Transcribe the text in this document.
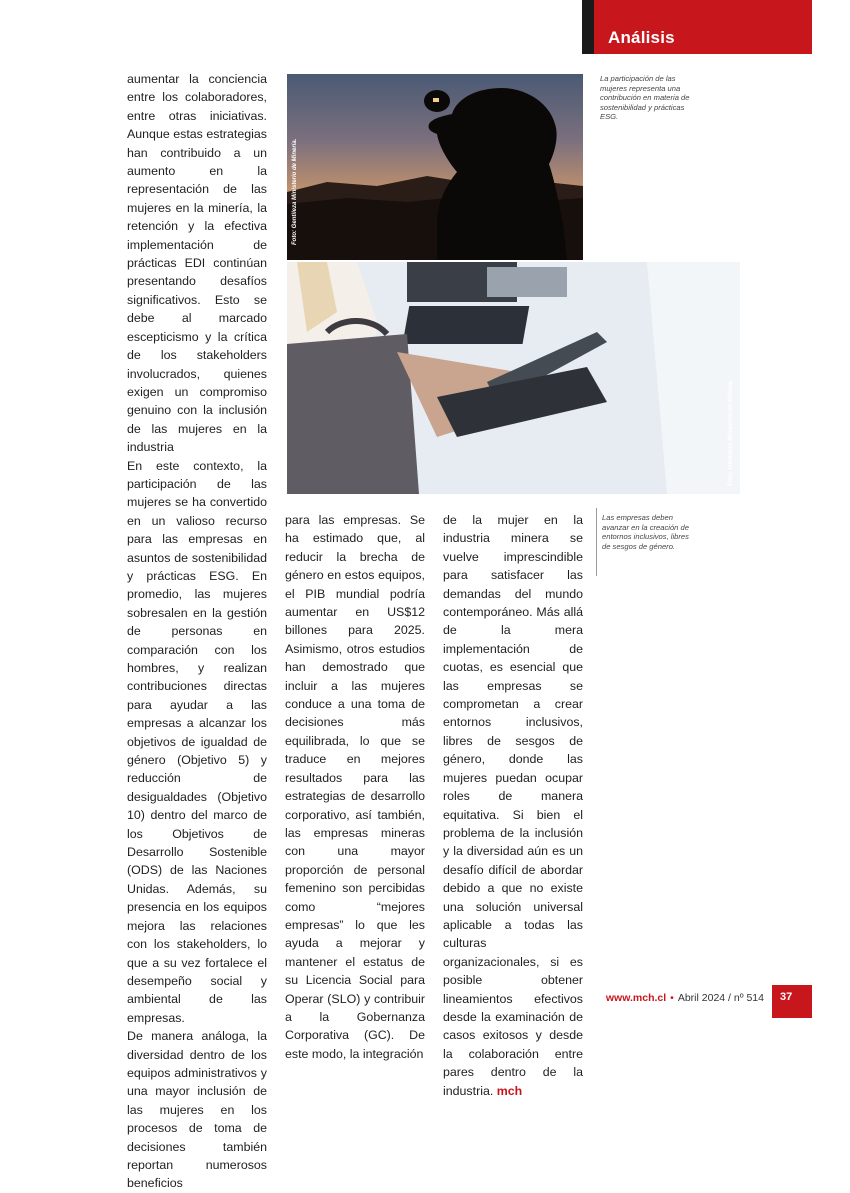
Análisis

aumentar la conciencia entre los colaboradores, entre otras iniciativas. Aunque estas estrategias han contribuido a un aumento en la representación de las mujeres en la minería, la retención y la efectiva implementación de prácticas EDI continúan presentando desafíos significativos. Esto se debe al marcado escepticismo y la crítica de los stakeholders involucrados, quienes exigen un compromiso genuino con la inclusión de las mujeres en la industria

En este contexto, la participación de las mujeres se ha convertido en un valioso recurso para las empresas en asuntos de sostenibilidad y prácticas ESG. En promedio, las mujeres sobresalen en la gestión de personas en comparación con los hombres, y realizan contribuciones directas para ayudar a las empresas a alcanzar los objetivos de igualdad de género (Objetivo 5) y reducción de desigualdades (Objetivo 10) dentro del marco de los Objetivos de Desarrollo Sostenible (ODS) de las Naciones Unidas. Además, su presencia en los equipos mejora las relaciones con los stakeholders, lo que a su vez fortalece el desempeño social y ambiental de las empresas.

De manera análoga, la diversidad dentro de los equipos administrativos y una mayor inclusión de las mujeres en los procesos de toma de decisiones también reportan numerosos beneficios

Foto: Gentileza Ministerio de Minería.
La participación de las mujeres representa una contribución en materia de sostenibilidad y prácticas ESG.
Foto: Gentileza Ministerio de Minería.
Las empresas deben avanzar en la creación de entornos inclusivos, libres de sesgos de género.

para las empresas. Se ha estimado que, al reducir la brecha de género en estos equipos, el PIB mundial podría aumentar en US$12 billones para 2025. Asimismo, otros estudios han demostrado que incluir a las mujeres conduce a una toma de decisiones más equilibrada, lo que se traduce en mejores resultados para las estrategias de desarrollo corporativo, así también, las empresas mineras con una mayor proporción de personal femenino son percibidas como “mejores empresas” lo que les ayuda a mejorar y mantener el estatus de su Licencia Social para Operar (SLO) y contribuir a la Gobernanza Corporativa (GC). De este modo, la integración

de la mujer en la industria minera se vuelve imprescindible para satisfacer las demandas del mundo contemporáneo. Más allá de la mera implementación de cuotas, es esencial que las empresas se comprometan a crear entornos inclusivos, libres de sesgos de género, donde las mujeres puedan ocupar roles de manera equitativa. Si bien el problema de la inclusión y la diversidad aún es un desafío difícil de abordar debido a que no existe una solución universal aplicable a todas las culturas organizacionales, si es posible obtener lineamientos efectivos desde la examinación de casos exitosos y desde la colaboración entre pares dentro de la industria. mch

www.mch.cl • Abril 2024 / nº 514 37
